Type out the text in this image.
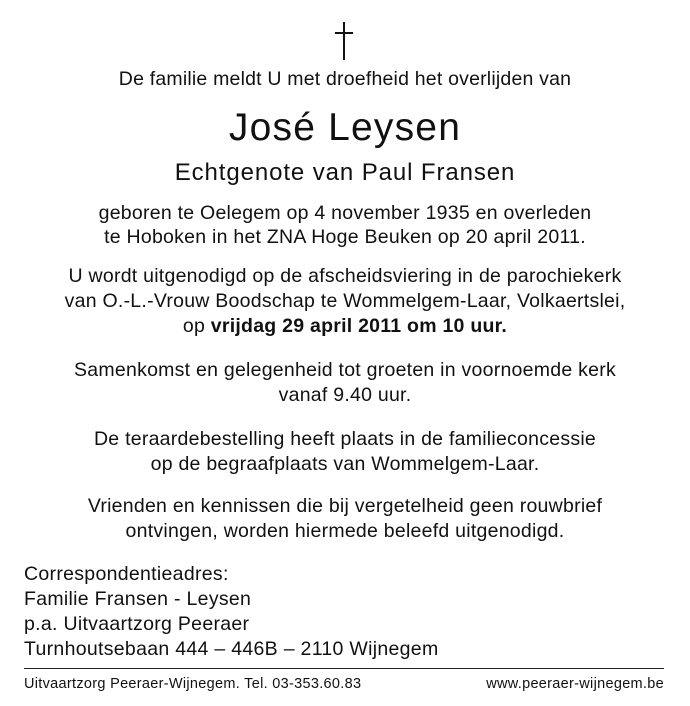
De familie meldt U met droefheid het overlijden van
José Leysen
Echtgenote van Paul Fransen
geboren te Oelegem op 4 november 1935 en overleden
te Hoboken in het ZNA Hoge Beuken op 20 april 2011.
U wordt uitgenodigd op de afscheidsviering in de parochiekerk
van O.-L.-Vrouw Boodschap te Wommelgem-Laar, Volkaertslei,
op vrijdag 29 april 2011 om 10 uur.
Samenkomst en gelegenheid tot groeten in voornoemde kerk
vanaf 9.40 uur.
De teraardebestelling heeft plaats in de familieconcessie
op de begraafplaats van Wommelgem-Laar.
Vrienden en kennissen die bij vergetelheid geen rouwbrief
ontvingen, worden hiermede beleefd uitgenodigd.
Correspondentieadres:
Familie Fransen - Leysen
p.a. Uitvaartzorg Peeraer
Turnhoutsebaan 444 – 446B – 2110 Wijnegem
Uitvaartzorg Peeraer-Wijnegem. Tel. 03-353.60.83	www.peeraer-wijnegem.be
